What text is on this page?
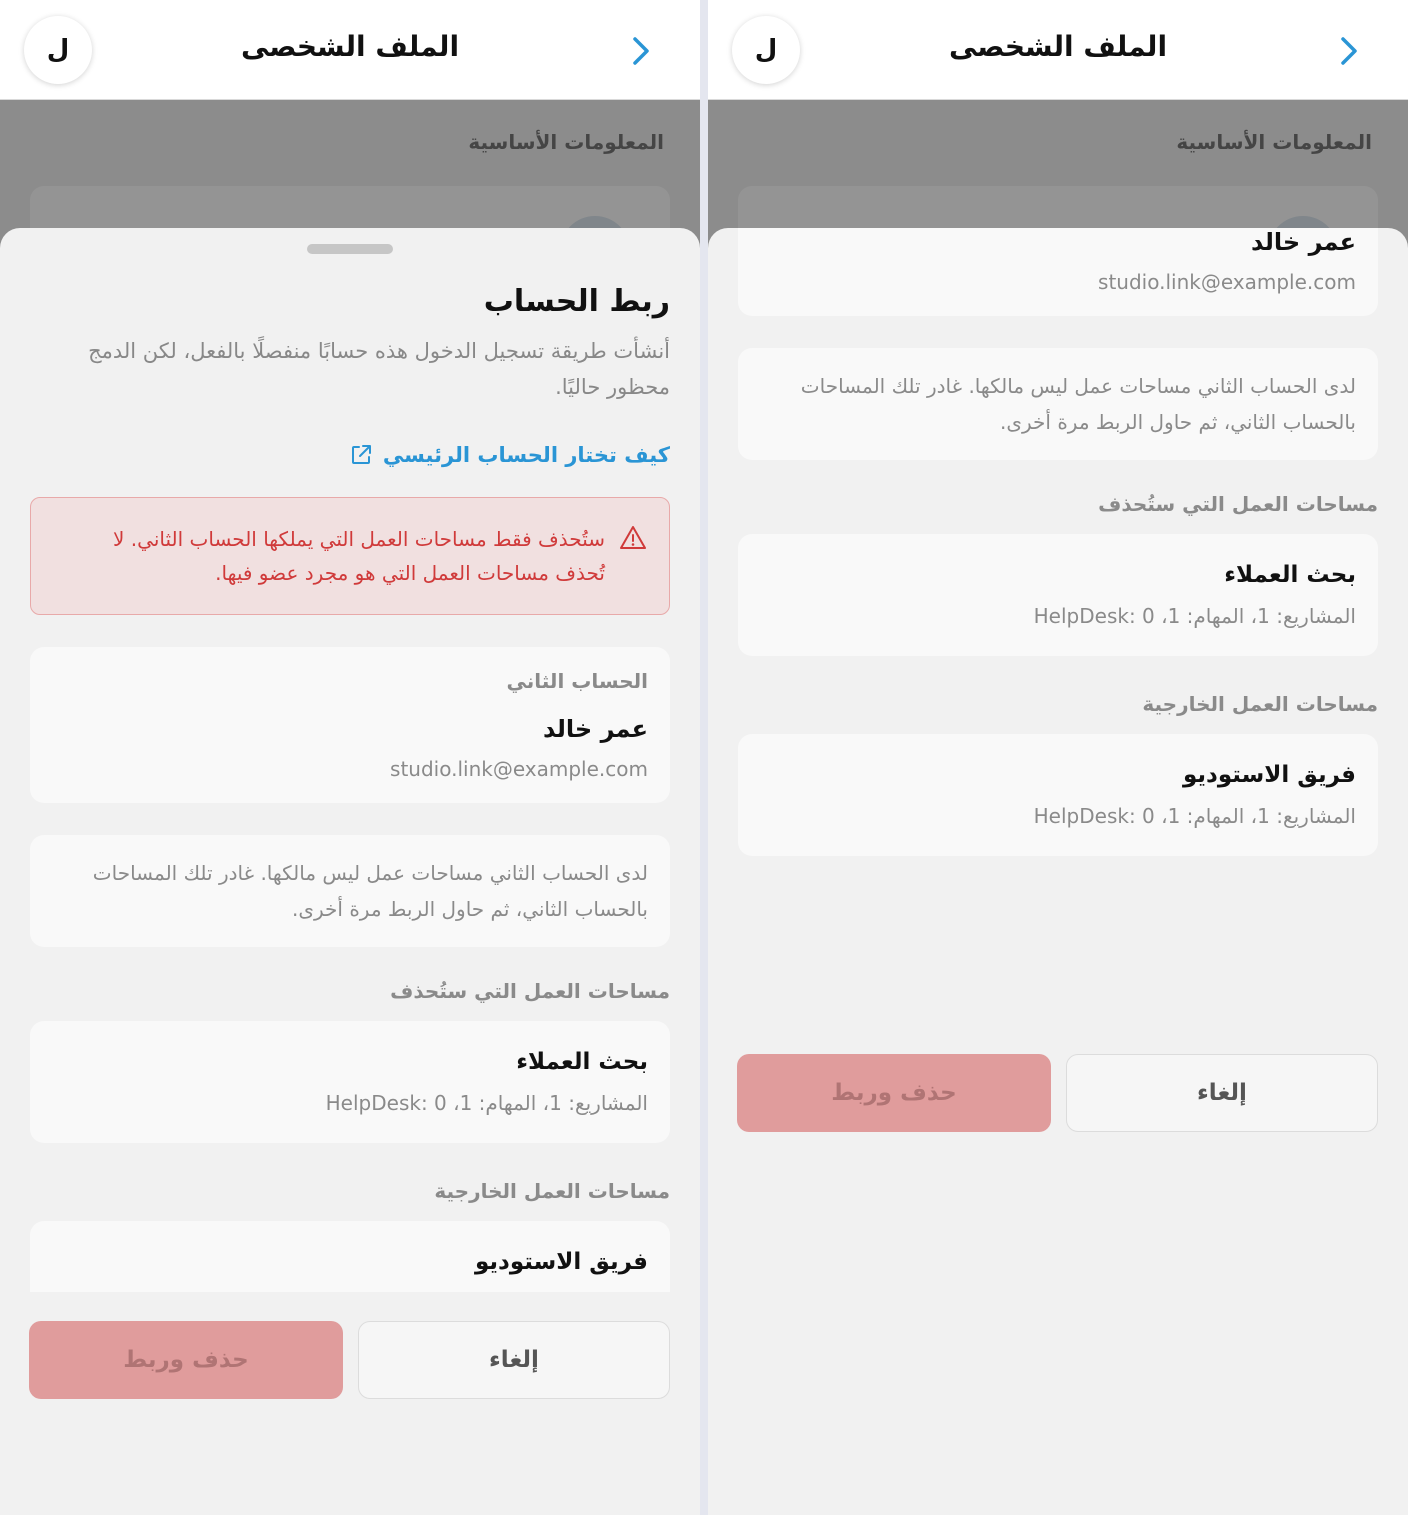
ل	الملف الشخصى
المعلومات الأساسية
ربط الحساب
أنشأت طريقة تسجيل الدخول هذه حسابًا منفصلًا بالفعل، لكن الدمج محظور حاليًا.
كيف تختار الحساب الرئيسي
ستُحذف فقط مساحات العمل التي يملكها الحساب الثاني. لا تُحذف مساحات العمل التي هو مجرد عضو فيها.
الحساب الثاني
عمر خالد
studio.link@example.com
لدى الحساب الثاني مساحات عمل ليس مالكها. غادر تلك المساحات بالحساب الثاني، ثم حاول الربط مرة أخرى.
مساحات العمل التي ستُحذف
بحث العملاء
المشاريع: 1، المهام: 1، HelpDesk: 0
مساحات العمل الخارجية
فريق الاستوديو
حذف وربط	إلغاء
ل	الملف الشخصى
المعلومات الأساسية
عمر خالد
studio.link@example.com
لدى الحساب الثاني مساحات عمل ليس مالكها. غادر تلك المساحات بالحساب الثاني، ثم حاول الربط مرة أخرى.
مساحات العمل التي ستُحذف
بحث العملاء
المشاريع: 1، المهام: 1، HelpDesk: 0
مساحات العمل الخارجية
فريق الاستوديو
المشاريع: 1، المهام: 1، HelpDesk: 0
حذف وربط	إلغاء
